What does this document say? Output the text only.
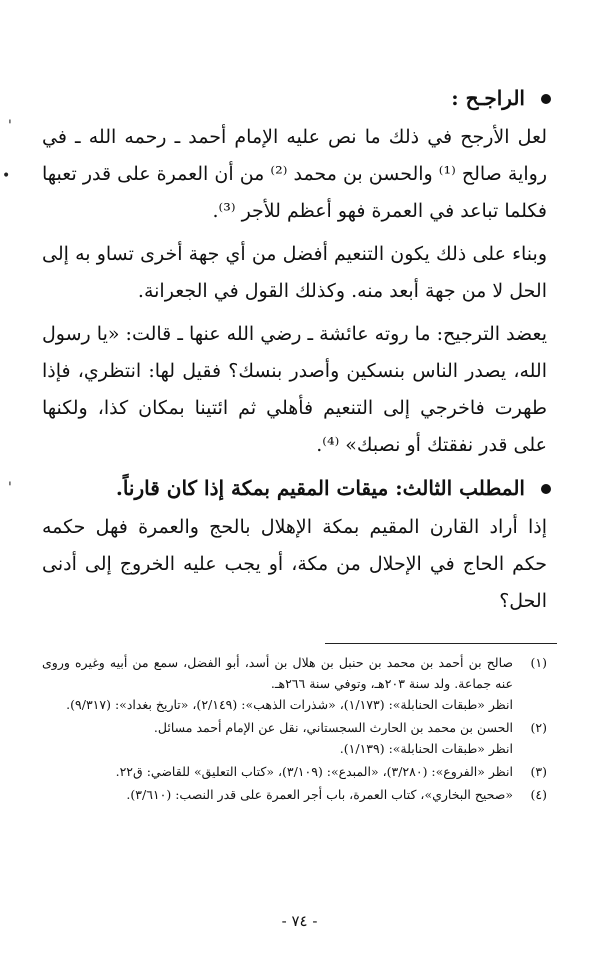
'
•
'
الراجـح :

لعل الأرجح في ذلك ما نص عليه الإمام أحمد ـ رحمه الله ـ في رواية صالح ⁽¹⁾ والحسن بن محمد ⁽²⁾ من أن العمرة على قدر تعبها فكلما تباعد في العمرة فهو أعظم للأجر ⁽³⁾.

وبناء على ذلك يكون التنعيم أفضل من أي جهة أخرى تساو به إلى الحل لا من جهة أبعد منه. وكذلك القول في الجعرانة.

يعضد الترجيح: ما روته عائشة ـ رضي الله عنها ـ قالت: «يا رسول الله، يصدر الناس بنسكين وأصدر بنسك؟ فقيل لها: انتظري، فإذا طهرت فاخرجي إلى التنعيم فأهلي ثم ائتينا بمكان كذا، ولكنها على قدر نفقتك أو نصبك» ⁽⁴⁾.

المطلب الثالث: ميقات المقيم بمكة إذا كان قارناً.

إذا أراد القارن المقيم بمكة الإهلال بالحج والعمرة فهل حكمه حكم الحاج في الإحلال من مكة، أو يجب عليه الخروج إلى أدنى الحل؟

(١)
صالح بن أحمد بن محمد بن حنبل بن هلال بن أسد، أبو الفضل، سمع من أبيه وغيره وروى عنه جماعة. ولد سنة ٢٠٣هـ، وتوفي سنة ٢٦٦هـ.
انظر «طبقات الحنابلة»: (١/١٧٣)، «شذرات الذهب»: (٢/١٤٩)، «تاريخ بغداد»: (٩/٣١٧).
(٢)
الحسن بن محمد بن الحارث السجستاني، نقل عن الإمام أحمد مسائل.
انظر «طبقات الحنابلة»: (١/١٣٩).
(٣)
انظر «الفروع»: (٣/٢٨٠)، «المبدع»: (٣/١٠٩)، «كتاب التعليق» للقاضي: ق٢٢.
(٤)
«صحيح البخاري»، كتاب العمرة، باب أجر العمرة على قدر النصب: (٣/٦١٠).
- ٧٤ -
